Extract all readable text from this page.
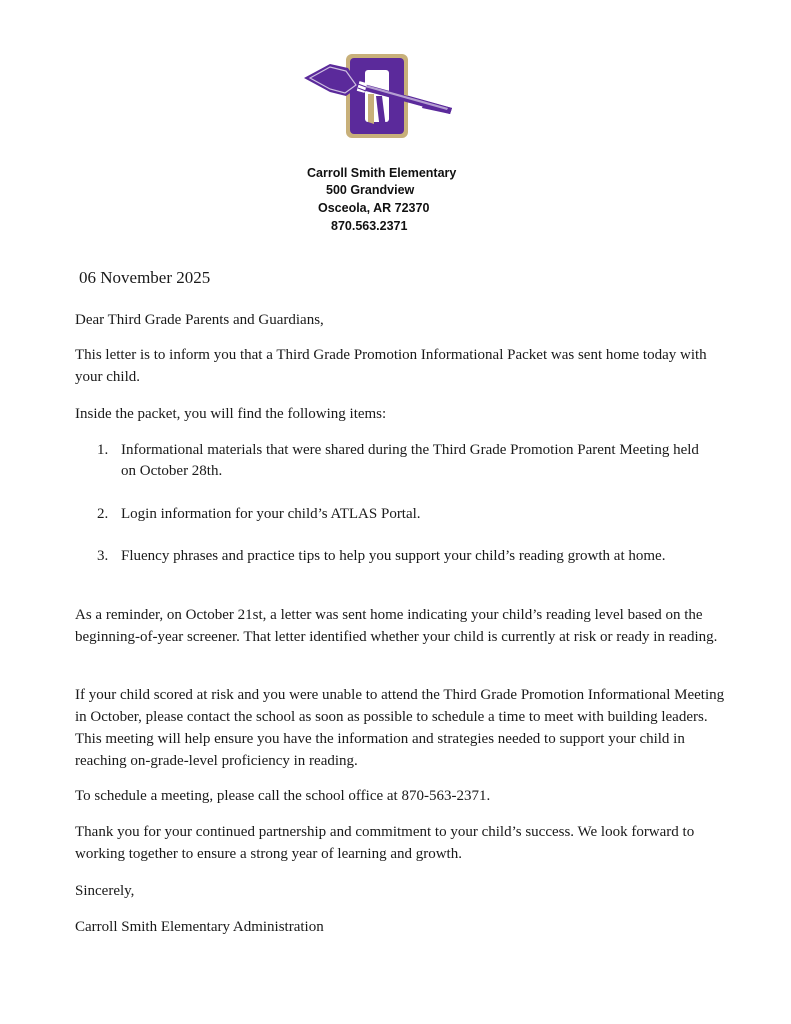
Carroll Smith Elementary
500 Grandview
Osceola, AR 72370
870.563.2371
06 November 2025
Dear Third Grade Parents and Guardians,
This letter is to inform you that a Third Grade Promotion Informational Packet was sent home today with your child.
Inside the packet, you will find the following items:
1. Informational materials that were shared during the Third Grade Promotion Parent Meeting held on October 28th.
2. Login information for your child’s ATLAS Portal.
3. Fluency phrases and practice tips to help you support your child’s reading growth at home.
As a reminder, on October 21st, a letter was sent home indicating your child’s reading level based on the beginning-of-year screener. That letter identified whether your child is currently at risk or ready in reading.
If your child scored at risk and you were unable to attend the Third Grade Promotion Informational Meeting in October, please contact the school as soon as possible to schedule a time to meet with building leaders. This meeting will help ensure you have the information and strategies needed to support your child in reaching on-grade-level proficiency in reading.
To schedule a meeting, please call the school office at 870-563-2371.
Thank you for your continued partnership and commitment to your child’s success. We look forward to working together to ensure a strong year of learning and growth.
Sincerely,
Carroll Smith Elementary Administration
